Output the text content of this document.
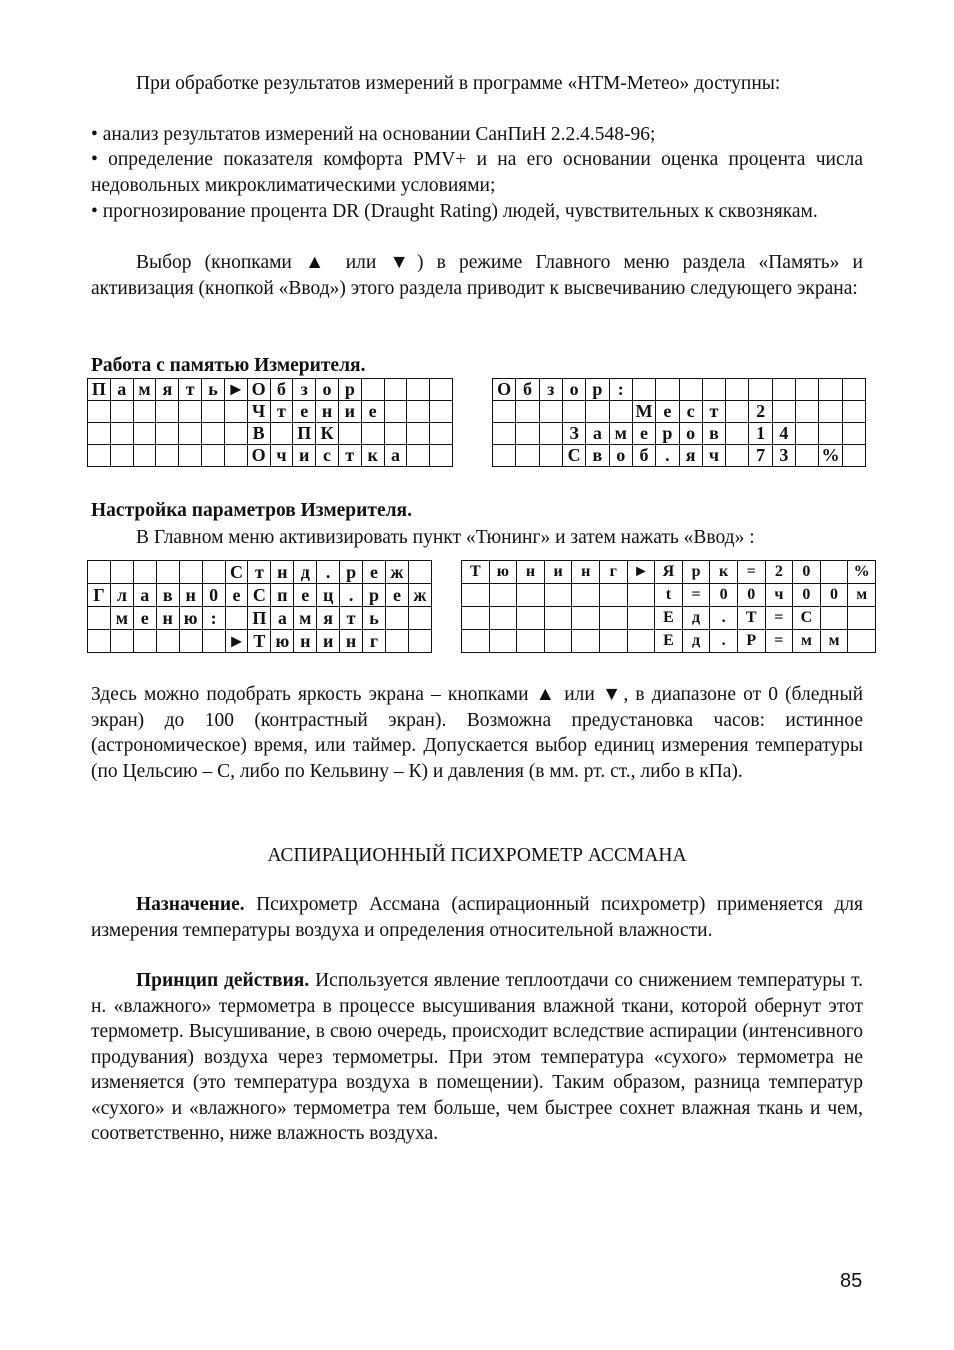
При обработке результатов измерений в программе «НТМ-Метео» доступны:

• анализ результатов измерений на основании СанПиН 2.2.4.548-96;

• определение показателя комфорта PMV+ и на его основании оценка процента числа недовольных микроклиматическими условиями;

• прогнозирование процента DR (Draught Rating) людей, чувствительных к сквознякам.

Выбор (кнопками ▲ или ▼) в режиме Главного меню раздела «Память» и активизация (кнопкой «Ввод») этого раздела приводит к высвечиванию следующего экрана:

Работа с памятью Измерителя.

П	а	м	я	т	ь	►	О	б	з	о	р				
							Ч	т	е	н	и	е			
							В		П	К					
							О	ч	и	с	т	к	а		
О	б	з	о	р	:										
						М	е	с	т		2				
			З	а	м	е	р	о	в		1	4			
			С	в	о	б	.	я	ч		7	3		%	

Настройка параметров Измерителя.

В Главном меню активизировать пункт «Тюнинг» и затем нажать «Ввод» :

						С	т	н	д	.	р	е	ж	
Г	л	а	в	н	0	е	С	п	е	ц	.	р	е	ж
	м	е	н	ю	:		П	а	м	я	т	ь		
						►	Т	ю	н	и	н	г		
Т	ю	н	и	н	г	►	Я	р	к	=	2	0		%
							t	=	0	0	ч	0	0	м
							Е	д	.	Т	=	С		
							Е	д	.	Р	=	м	м	

Здесь можно подобрать яркость экрана – кнопками ▲ или ▼, в диапазоне от 0 (бледный экран) до 100 (контрастный экран). Возможна предустановка часов: истинное (астрономическое) время, или таймер. Допускается выбор единиц измерения температуры (по Цельсию – С, либо по Кельвину – К) и давления (в мм. рт. ст., либо в кПа).

АСПИРАЦИОННЫЙ ПСИХРОМЕТР АССМАНА

Назначение. Психрометр Ассмана (аспирационный психрометр) применяется для измерения температуры воздуха и определения относительной влажности.

Принцип действия. Используется явление теплоотдачи со снижением температуры т. н. «влажного» термометра в процессе высушивания влажной ткани, которой обернут этот термометр. Высушивание, в свою очередь, происходит вследствие аспирации (интенсивного продувания) воздуха через термометры. При этом температура «сухого» термометра не изменяется (это температура воздуха в помещении). Таким образом, разница температур «сухого» и «влажного» термометра тем больше, чем быстрее сохнет влажная ткань и чем, соответственно, ниже влажность воздуха.

85
